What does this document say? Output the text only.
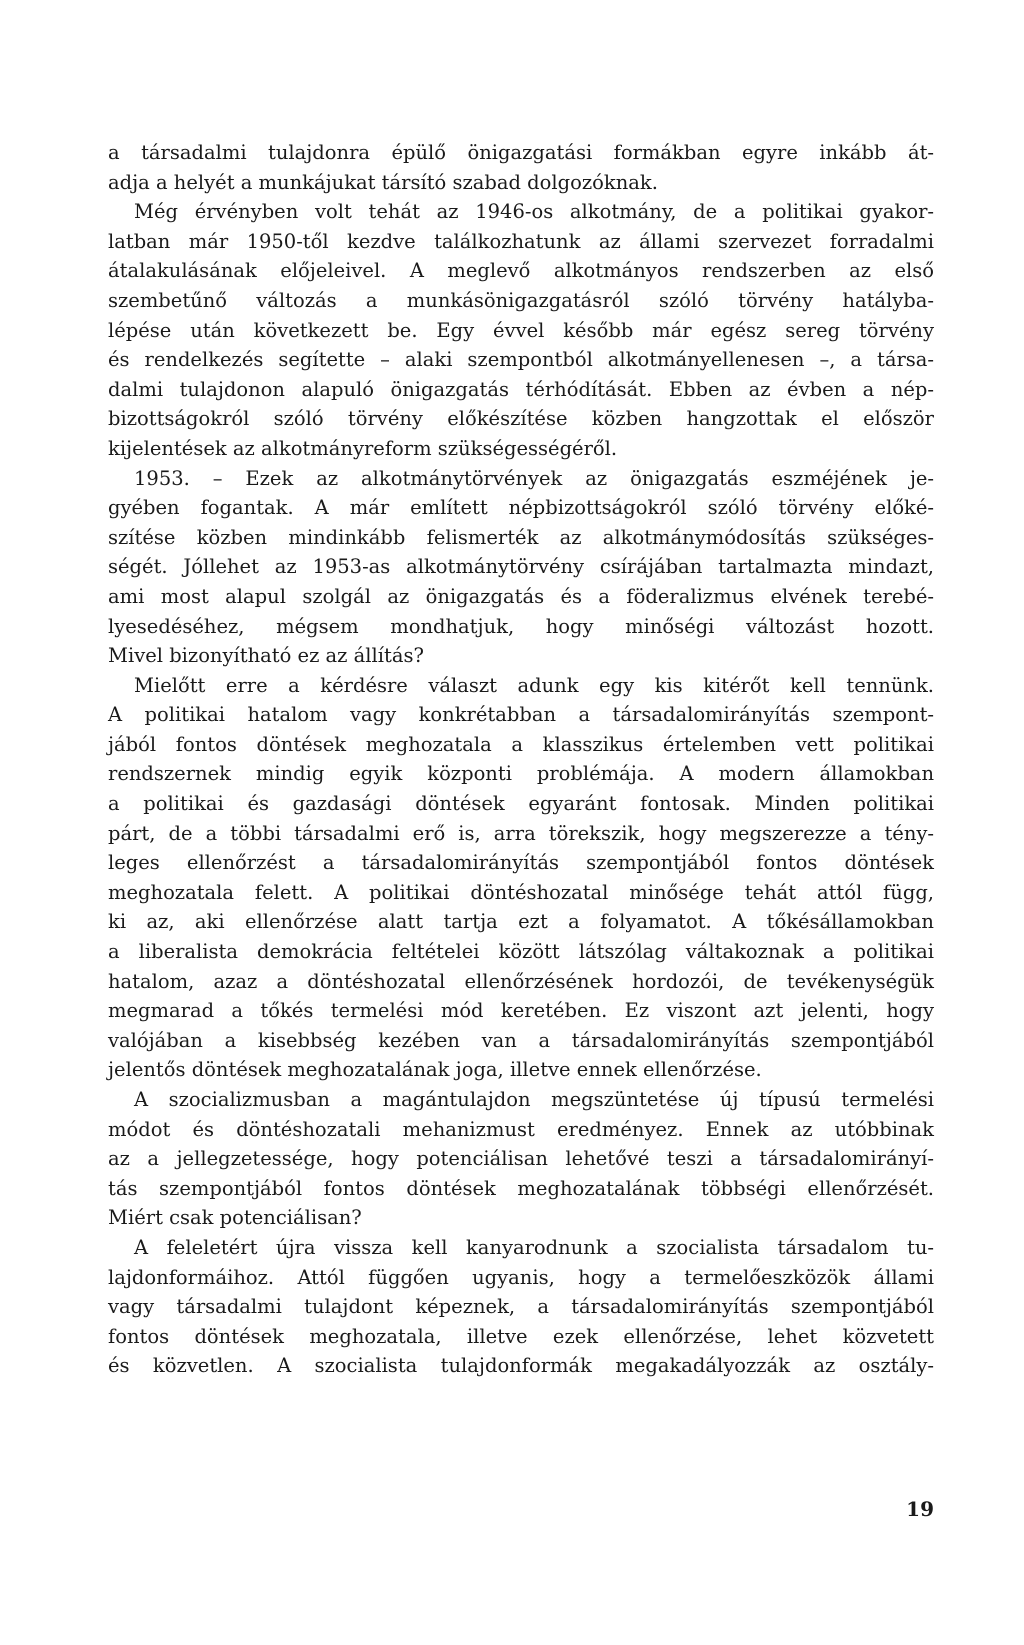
a társadalmi tulajdonra épülő önigazgatási formákban egyre inkább át-
adja a helyét a munkájukat társító szabad dolgozóknak.
Még érvényben volt tehát az 1946-os alkotmány, de a politikai gyakor-
latban már 1950-től kezdve találkozhatunk az állami szervezet forradalmi
átalakulásának előjeleivel. A meglevő alkotmányos rendszerben az első
szembetűnő változás a munkásönigazgatásról szóló törvény hatályba-
lépése után következett be. Egy évvel később már egész sereg törvény
és rendelkezés segítette – alaki szempontból alkotmányellenesen –, a társa-
dalmi tulajdonon alapuló önigazgatás térhódítását. Ebben az évben a nép-
bizottságokról szóló törvény előkészítése közben hangzottak el először
kijelentések az alkotmányreform szükségességéről.
1953. – Ezek az alkotmánytörvények az önigazgatás eszméjének je-
gyében fogantak. A már említett népbizottságokról szóló törvény előké-
szítése közben mindinkább felismerték az alkotmánymódosítás szükséges-
ségét. Jóllehet az 1953-as alkotmánytörvény csírájában tartalmazta mindazt,
ami most alapul szolgál az önigazgatás és a föderalizmus elvének terebé-
lyesedéséhez, mégsem mondhatjuk, hogy minőségi változást hozott.
Mivel bizonyítható ez az állítás?
Mielőtt erre a kérdésre választ adunk egy kis kitérőt kell tennünk.
A politikai hatalom vagy konkrétabban a társadalomirányítás szempont-
jából fontos döntések meghozatala a klasszikus értelemben vett politikai
rendszernek mindig egyik központi problémája. A modern államokban
a politikai és gazdasági döntések egyaránt fontosak. Minden politikai
párt, de a többi társadalmi erő is, arra törekszik, hogy megszerezze a tény-
leges ellenőrzést a társadalomirányítás szempontjából fontos döntések
meghozatala felett. A politikai döntéshozatal minősége tehát attól függ,
ki az, aki ellenőrzése alatt tartja ezt a folyamatot. A tőkésállamokban
a liberalista demokrácia feltételei között látszólag váltakoznak a politikai
hatalom, azaz a döntéshozatal ellenőrzésének hordozói, de tevékenységük
megmarad a tőkés termelési mód keretében. Ez viszont azt jelenti, hogy
valójában a kisebbség kezében van a társadalomirányítás szempontjából
jelentős döntések meghozatalának joga, illetve ennek ellenőrzése.
A szocializmusban a magántulajdon megszüntetése új típusú termelési
módot és döntéshozatali mehanizmust eredményez. Ennek az utóbbinak
az a jellegzetessége, hogy potenciálisan lehetővé teszi a társadalomirányí-
tás szempontjából fontos döntések meghozatalának többségi ellenőrzését.
Miért csak potenciálisan?
A feleletért újra vissza kell kanyarodnunk a szocialista társadalom tu-
lajdonformáihoz. Attól függően ugyanis, hogy a termelőeszközök állami
vagy társadalmi tulajdont képeznek, a társadalomirányítás szempontjából
fontos döntések meghozatala, illetve ezek ellenőrzése, lehet közvetett
és közvetlen. A szocialista tulajdonformák megakadályozzák az osztály-
19
